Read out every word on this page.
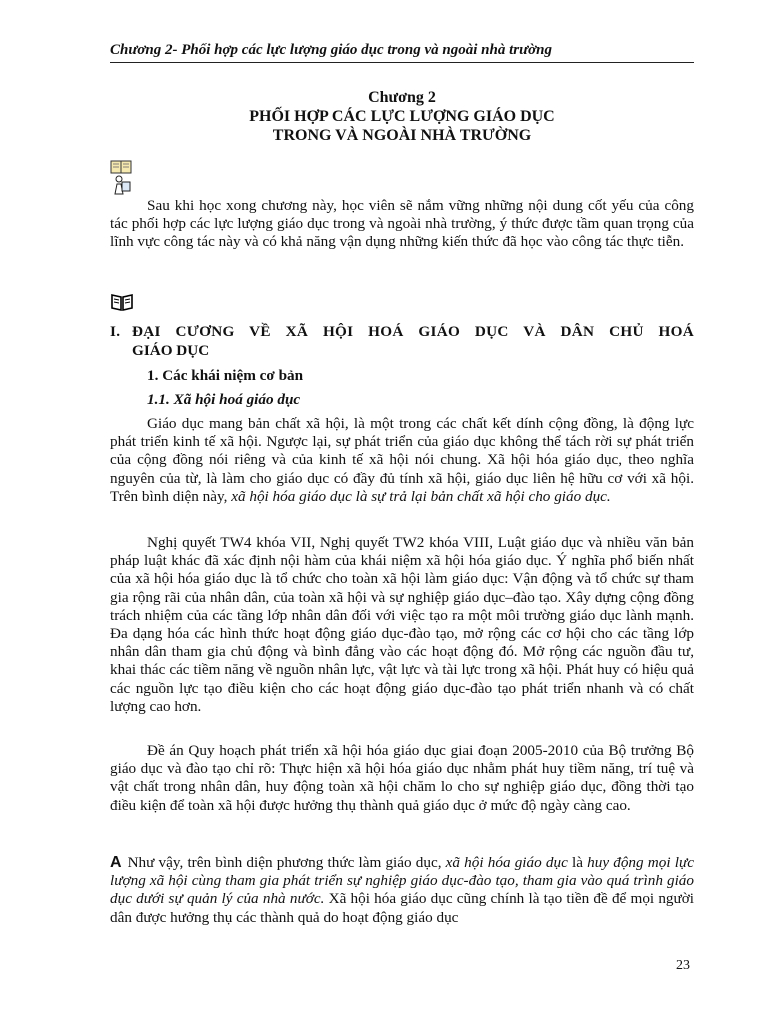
Chương 2- Phối hợp các lực lượng giáo dục trong và ngoài nhà trường
Chương 2
PHỐI HỢP CÁC LỰC LƯỢNG GIÁO DỤC
TRONG VÀ NGOÀI NHÀ TRƯỜNG
Sau khi học xong chương này, học viên sẽ nắm vững những nội dung cốt yếu của công tác phối hợp các lực lượng giáo dục trong và ngoài nhà trường, ý thức được tầm quan trọng của lĩnh vực công tác này và có khả năng vận dụng những kiến thức đã học vào công tác thực tiễn.
I. ĐẠI CƯƠNG VỀ XÃ HỘI HOÁ GIÁO DỤC VÀ DÂN CHỦ HOÁ
GIÁO DỤC
1. Các khái niệm cơ bản
1.1. Xã hội hoá giáo dục
Giáo dục mang bản chất xã hội, là một trong các chất kết dính cộng đồng, là động lực phát triển kinh tế xã hội. Ngược lại, sự phát triển của giáo dục không thể tách rời sự phát triển của cộng đồng nói riêng và của kinh tế xã hội nói chung. Xã hội hóa giáo dục, theo nghĩa nguyên của từ, là làm cho giáo dục có đầy đủ tính xã hội, giáo dục liên hệ hữu cơ với xã hội. Trên bình diện này, xã hội hóa giáo dục là sự trả lại bản chất xã hội cho giáo dục.
Nghị quyết TW4 khóa VII, Nghị quyết TW2 khóa VIII, Luật giáo dục và nhiều văn bản pháp luật khác đã xác định nội hàm của khái niệm xã hội hóa giáo dục. Ý nghĩa phổ biến nhất của xã hội hóa giáo dục là tổ chức cho toàn xã hội làm giáo dục: Vận động và tổ chức sự tham gia rộng rãi của nhân dân, của toàn xã hội và sự nghiệp giáo dục–đào tạo. Xây dựng cộng đồng trách nhiệm của các tầng lớp nhân dân đối với việc tạo ra một môi trường giáo dục lành mạnh. Đa dạng hóa các hình thức hoạt động giáo dục-đào tạo, mở rộng các cơ hội cho các tầng lớp nhân dân tham gia chủ động và bình đẳng vào các hoạt động đó. Mở rộng các nguồn đầu tư, khai thác các tiềm năng về nguồn nhân lực, vật lực và tài lực trong xã hội. Phát huy có hiệu quả các nguồn lực tạo điều kiện cho các hoạt động giáo dục-đào tạo phát triển nhanh và có chất lượng cao hơn.
Đề án Quy hoạch phát triển xã hội hóa giáo dục giai đoạn 2005-2010 của Bộ trưởng Bộ giáo dục và đào tạo chỉ rõ: Thực hiện xã hội hóa giáo dục nhằm phát huy tiềm năng, trí tuệ và vật chất trong nhân dân, huy động toàn xã hội chăm lo cho sự nghiệp giáo dục, đồng thời tạo điều kiện để toàn xã hội được hưởng thụ thành quả giáo dục ở mức độ ngày càng cao.
A Như vậy, trên bình diện phương thức làm giáo dục, xã hội hóa giáo dục là huy động mọi lực lượng xã hội cùng tham gia phát triển sự nghiệp giáo dục-đào tạo, tham gia vào quá trình giáo dục dưới sự quản lý của nhà nước. Xã hội hóa giáo dục cũng chính là tạo tiền đề để mọi người dân được hưởng thụ các thành quả do hoạt động giáo dục
23
